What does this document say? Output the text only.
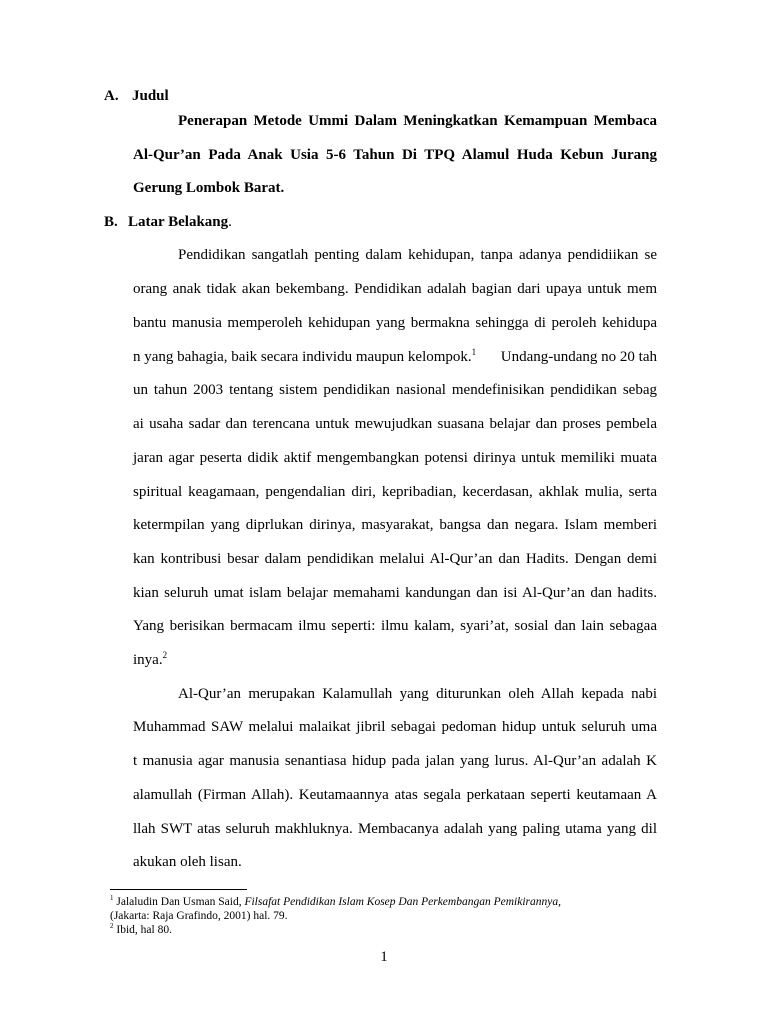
A. Judul
Penerapan Metode Ummi Dalam Meningkatkan Kemampuan Membaca
Al-Qur’an Pada Anak Usia 5-6 Tahun Di TPQ Alamul Huda Kebun Jurang
Gerung Lombok Barat.
B. Latar Belakang.
Pendidikan sangatlah penting dalam kehidupan, tanpa adanya pendidiikan se
orang anak tidak akan bekembang. Pendidikan adalah bagian dari upaya untuk mem
bantu manusia memperoleh kehidupan yang bermakna sehingga di peroleh kehidupa
n yang bahagia, baik secara individu maupun kelompok.$^1$ Undang-undang no 20 tah
un tahun 2003 tentang sistem pendidikan nasional mendefinisikan pendidikan sebag
ai usaha sadar dan terencana untuk mewujudkan suasana belajar dan proses pembela
jaran agar peserta didik aktif mengembangkan potensi dirinya untuk memiliki muata
spiritual keagamaan, pengendalian diri, kepribadian, kecerdasan, akhlak mulia, serta
ketermpilan yang diprlukan dirinya, masyarakat, bangsa dan negara. Islam memberi
kan kontribusi besar dalam pendidikan melalui Al-Qur’an dan Hadits. Dengan demi
kian seluruh umat islam belajar memahami kandungan dan isi Al-Qur’an dan hadits.
Yang berisikan bermacam ilmu seperti: ilmu kalam, syari’at, sosial dan lain sebagaa
inya.$^2$
Al-Qur’an merupakan Kalamullah yang diturunkan oleh Allah kepada nabi
Muhammad SAW melalui malaikat jibril sebagai pedoman hidup untuk seluruh uma
t manusia agar manusia senantiasa hidup pada jalan yang lurus. Al-Qur’an adalah K
alamullah (Firman Allah). Keutamaannya atas segala perkataan seperti keutamaan A
llah SWT atas seluruh makhluknya. Membacanya adalah yang paling utama yang dil
akukan oleh lisan.
$^1$ Jalaludin Dan Usman Said, Filsafat Pendidikan Islam Kosep Dan Perkembangan Pemikirannya,
(Jakarta: Raja Grafindo, 2001) hal. 79.
$^2$ Ibid, hal 80.
1
